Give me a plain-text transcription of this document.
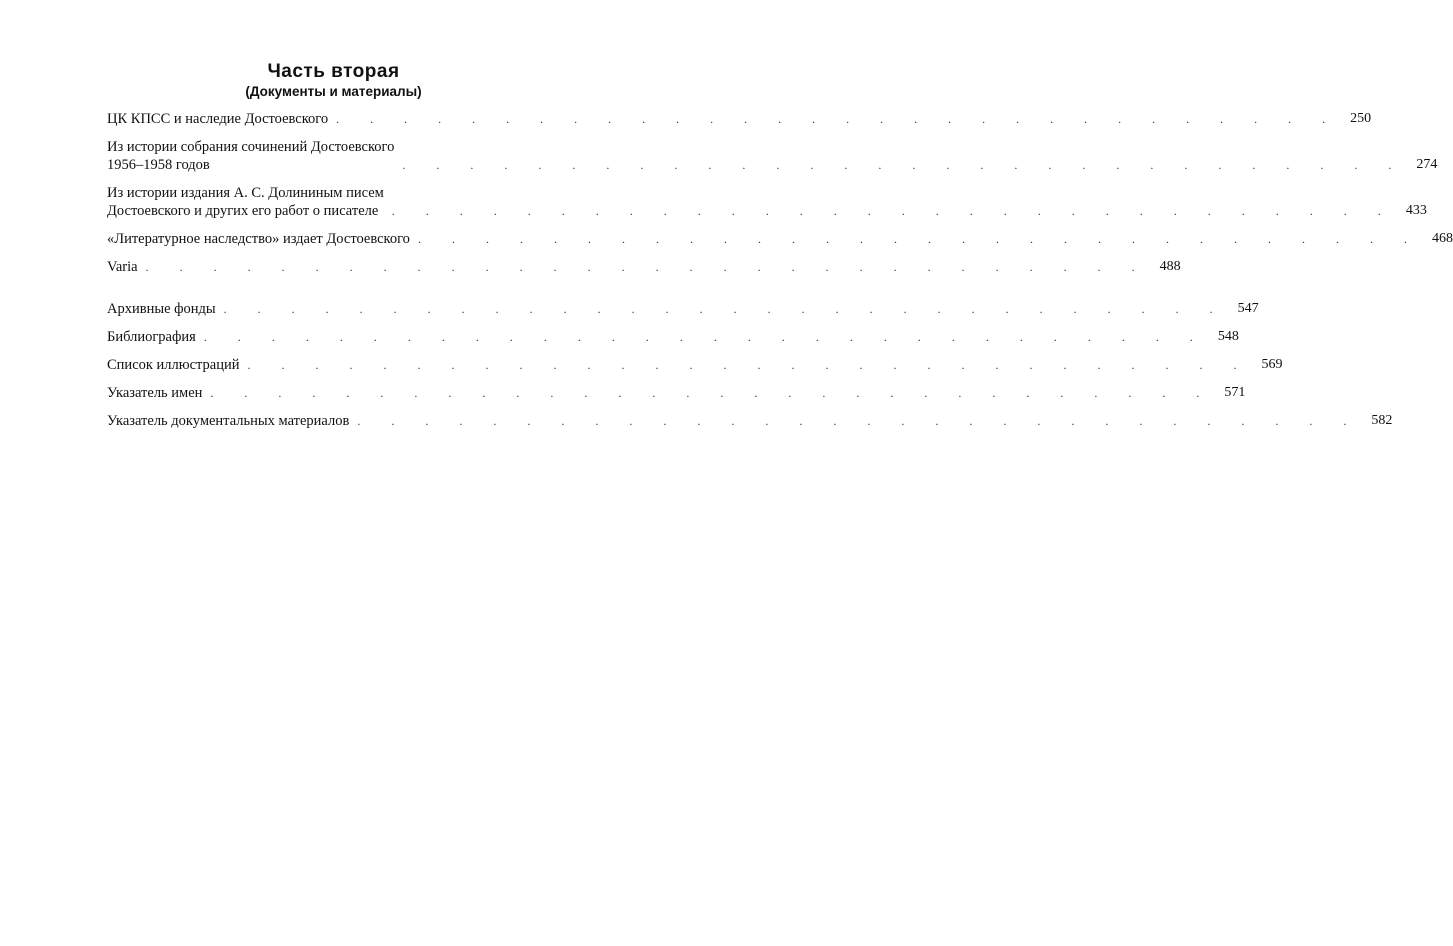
Часть вторая
(Документы и материалы)
ЦК КПСС и наследие Достоевского . . . . . . . . . . . . . . . . . . . . . . . . . . . . . . 250
Из истории собрания сочинений Достоевского
1956–1958 годов	. . . . . . . . . . . . . . . . . . . . . . . . . . . . . . 274
Из истории издания А. С. Долининым писем
Достоевского и других его работ о писателе	. . . . . . . . . . . . . . . . . . . . . . . . . . . . . . 433
«Литературное наследство» издает Достоевского . . . . . . . . . . . . . . . . . . . . . . . . . . . . . . 468
Varia . . . . . . . . . . . . . . . . . . . . . . . . . . . . . . 488
Архивные фонды . . . . . . . . . . . . . . . . . . . . . . . . . . . . . . 547
Библиография . . . . . . . . . . . . . . . . . . . . . . . . . . . . . . 548
Список иллюстраций . . . . . . . . . . . . . . . . . . . . . . . . . . . . . . 569
Указатель имен . . . . . . . . . . . . . . . . . . . . . . . . . . . . . . 571
Указатель документальных материалов . . . . . . . . . . . . . . . . . . . . . . . . . . . . . . 582
